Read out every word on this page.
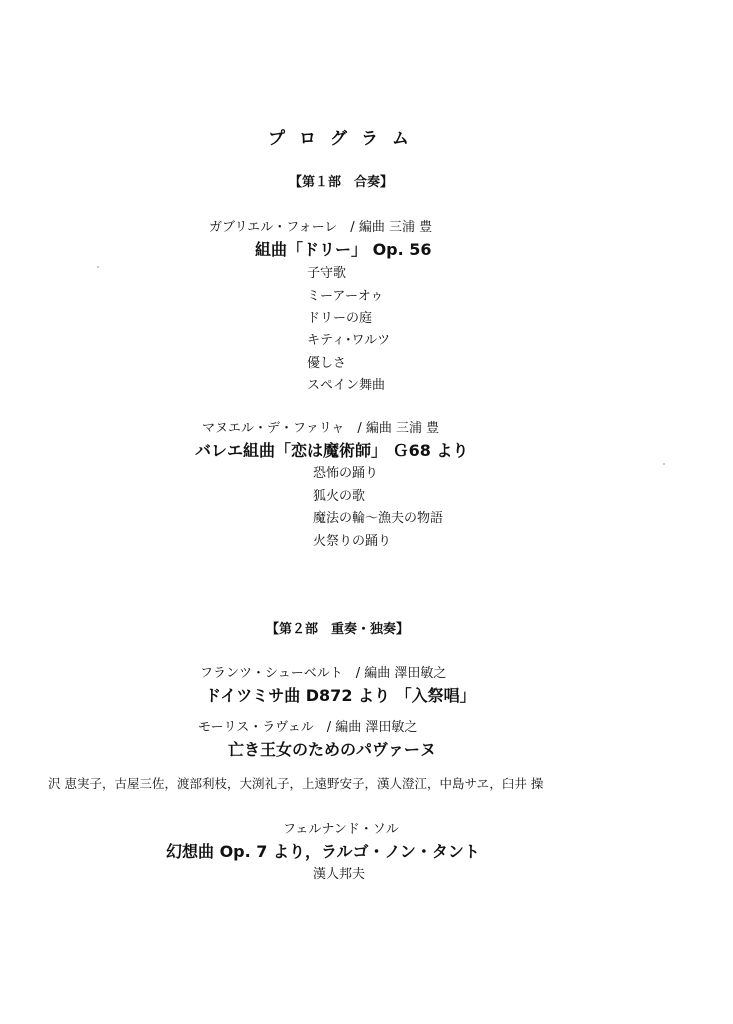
プログラム
【第１部　合奏】
ガブリエル・フォーレ　/ 編曲 三浦 豊
組曲「ドリー」 Op. 56
子守歌
ミーアーオゥ
ドリーの庭
キティ･ワルツ
優しさ
スペイン舞曲
マヌエル・デ・ファリャ　/ 編曲 三浦 豊
バレエ組曲「恋は魔術師」 Ｇ68 より
恐怖の踊り
狐火の歌
魔法の輪～漁夫の物語
火祭りの踊り
【第２部　重奏・独奏】
フランツ・シューベルト　/ 編曲 澤田敏之
ドイツミサ曲 D872 より 「入祭唱」
モーリス・ラヴェル　/ 編曲 澤田敏之
亡き王女のためのパヴァーヌ
沢 恵実子，古屋三佐，渡部利枝，大渕礼子，上遠野安子，漢人澄江，中島サヱ，臼井 操
フェルナンド・ソル
幻想曲 Op. 7 より，ラルゴ・ノン・タント
漢人邦夫
